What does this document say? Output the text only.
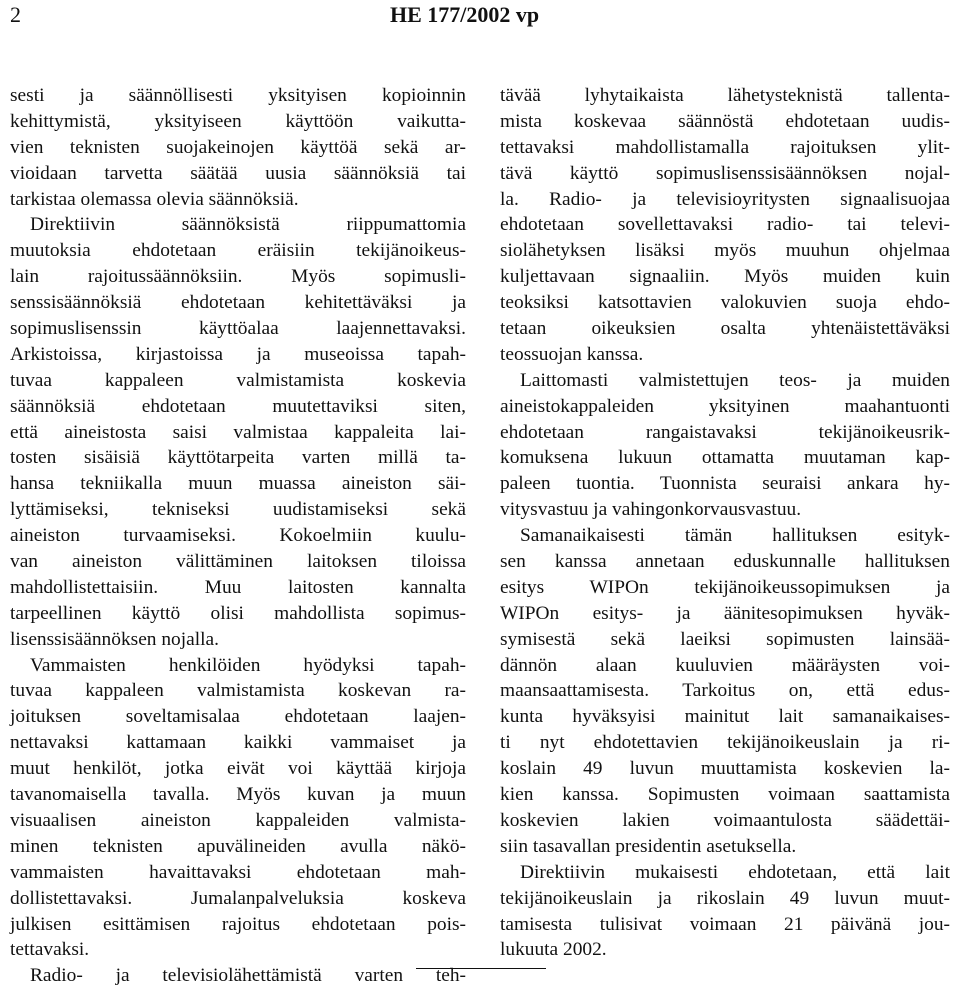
2	HE 177/2002 vp
sesti ja säännöllisesti yksityisen kopioinnin
kehittymistä, yksityiseen käyttöön vaikutta-
vien teknisten suojakeinojen käyttöä sekä ar-
vioidaan tarvetta säätää uusia säännöksiä tai
tarkistaa olemassa olevia säännöksiä.
Direktiivin säännöksistä riippumattomia
muutoksia ehdotetaan eräisiin tekijänoikeus-
lain rajoitussäännöksiin. Myös sopimusli-
senssisäännöksiä ehdotetaan kehitettäväksi ja
sopimuslisenssin käyttöalaa laajennettavaksi.
Arkistoissa, kirjastoissa ja museoissa tapah-
tuvaa kappaleen valmistamista koskevia
säännöksiä ehdotetaan muutettaviksi siten,
että aineistosta saisi valmistaa kappaleita lai-
tosten sisäisiä käyttötarpeita varten millä ta-
hansa tekniikalla muun muassa aineiston säi-
lyttämiseksi, tekniseksi uudistamiseksi sekä
aineiston turvaamiseksi. Kokoelmiin kuulu-
van aineiston välittäminen laitoksen tiloissa
mahdollistettaisiin. Muu laitosten kannalta
tarpeellinen käyttö olisi mahdollista sopimus-
lisenssisäännöksen nojalla.
Vammaisten henkilöiden hyödyksi tapah-
tuvaa kappaleen valmistamista koskevan ra-
joituksen soveltamisalaa ehdotetaan laajen-
nettavaksi kattamaan kaikki vammaiset ja
muut henkilöt, jotka eivät voi käyttää kirjoja
tavanomaisella tavalla. Myös kuvan ja muun
visuaalisen aineiston kappaleiden valmista-
minen teknisten apuvälineiden avulla näkö-
vammaisten havaittavaksi ehdotetaan mah-
dollistettavaksi. Jumalanpalveluksia koskeva
julkisen esittämisen rajoitus ehdotetaan pois-
tettavaksi.
Radio- ja televisiolähettämistä varten teh-
tävää lyhytaikaista lähetysteknistä tallenta-
mista koskevaa säännöstä ehdotetaan uudis-
tettavaksi mahdollistamalla rajoituksen ylit-
tävä käyttö sopimuslisenssisäännöksen nojal-
la. Radio- ja televisioyritysten signaalisuojaa
ehdotetaan sovellettavaksi radio- tai televi-
siolähetyksen lisäksi myös muuhun ohjelmaa
kuljettavaan signaaliin. Myös muiden kuin
teoksiksi katsottavien valokuvien suoja ehdo-
tetaan oikeuksien osalta yhtenäistettäväksi
teossuojan kanssa.
Laittomasti valmistettujen teos- ja muiden
aineistokappaleiden yksityinen maahantuonti
ehdotetaan rangaistavaksi tekijänoikeusrik-
komuksena lukuun ottamatta muutaman kap-
paleen tuontia. Tuonnista seuraisi ankara hy-
vitysvastuu ja vahingonkorvausvastuu.
Samanaikaisesti tämän hallituksen esityk-
sen kanssa annetaan eduskunnalle hallituksen
esitys WIPOn tekijänoikeussopimuksen ja
WIPOn esitys- ja äänitesopimuksen hyväk-
symisestä sekä laeiksi sopimusten lainsää-
dännön alaan kuuluvien määräysten voi-
maansaattamisesta. Tarkoitus on, että edus-
kunta hyväksyisi mainitut lait samanaikaises-
ti nyt ehdotettavien tekijänoikeuslain ja ri-
koslain 49 luvun muuttamista koskevien la-
kien kanssa. Sopimusten voimaan saattamista
koskevien lakien voimaantulosta säädettäi-
siin tasavallan presidentin asetuksella.
Direktiivin mukaisesti ehdotetaan, että lait
tekijänoikeuslain ja rikoslain 49 luvun muut-
tamisesta tulisivat voimaan 21 päivänä jou-
lukuuta 2002.
